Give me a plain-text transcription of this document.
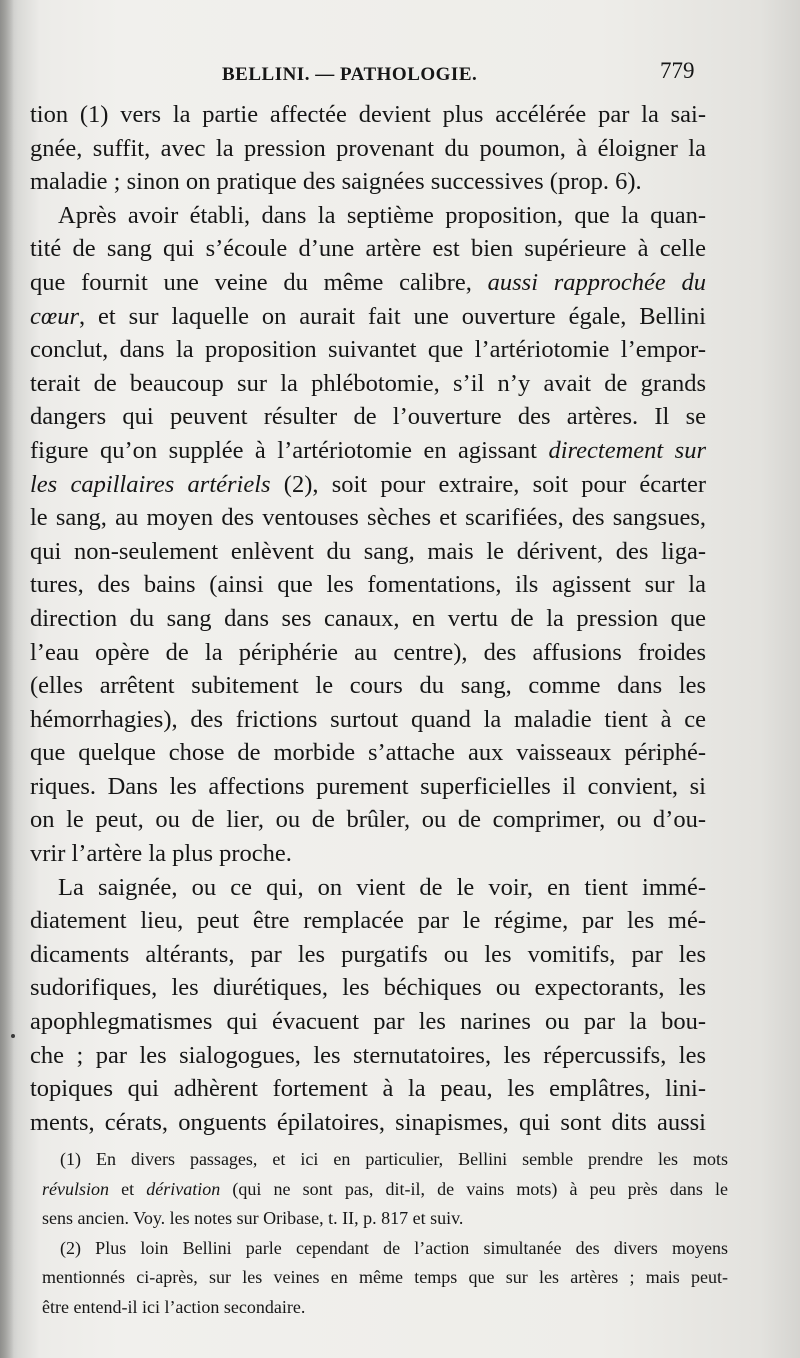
BELLINI. — PATHOLOGIE.	779
tion (1) vers la partie affectée devient plus accélérée par la sai-
gnée, suffit, avec la pression provenant du poumon, à éloigner la
maladie ; sinon on pratique des saignées successives (prop. 6).
Après avoir établi, dans la septième proposition, que la quan-
tité de sang qui s’écoule d’une artère est bien supérieure à celle
que fournit une veine du même calibre, aussi rapprochée du
cœur, et sur laquelle on aurait fait une ouverture égale, Bellini
conclut, dans la proposition suivantet que l’artériotomie l’empor-
terait de beaucoup sur la phlébotomie, s’il n’y avait de grands
dangers qui peuvent résulter de l’ouverture des artères. Il se
figure qu’on supplée à l’artériotomie en agissant directement sur
les capillaires artériels (2), soit pour extraire, soit pour écarter
le sang, au moyen des ventouses sèches et scarifiées, des sangsues,
qui non-seulement enlèvent du sang, mais le dérivent, des liga-
tures, des bains (ainsi que les fomentations, ils agissent sur la
direction du sang dans ses canaux, en vertu de la pression que
l’eau opère de la périphérie au centre), des affusions froides
(elles arrêtent subitement le cours du sang, comme dans les
hémorrhagies), des frictions surtout quand la maladie tient à ce
que quelque chose de morbide s’attache aux vaisseaux périphé-
riques. Dans les affections purement superficielles il convient, si
on le peut, ou de lier, ou de brûler, ou de comprimer, ou d’ou-
vrir l’artère la plus proche.
La saignée, ou ce qui, on vient de le voir, en tient immé-
diatement lieu, peut être remplacée par le régime, par les mé-
dicaments altérants, par les purgatifs ou les vomitifs, par les
sudorifiques, les diurétiques, les béchiques ou expectorants, les
apophlegmatismes qui évacuent par les narines ou par la bou-
che ; par les sialogogues, les sternutatoires, les répercussifs, les
topiques qui adhèrent fortement à la peau, les emplâtres, lini-
ments, cérats, onguents épilatoires, sinapismes, qui sont dits aussi
(1) En divers passages, et ici en particulier, Bellini semble prendre les mots
révulsion et dérivation (qui ne sont pas, dit-il, de vains mots) à peu près dans le
sens ancien. Voy. les notes sur Oribase, t. II, p. 817 et suiv.
(2) Plus loin Bellini parle cependant de l’action simultanée des divers moyens
mentionnés ci-après, sur les veines en même temps que sur les artères ; mais peut-
être entend-il ici l’action secondaire.
